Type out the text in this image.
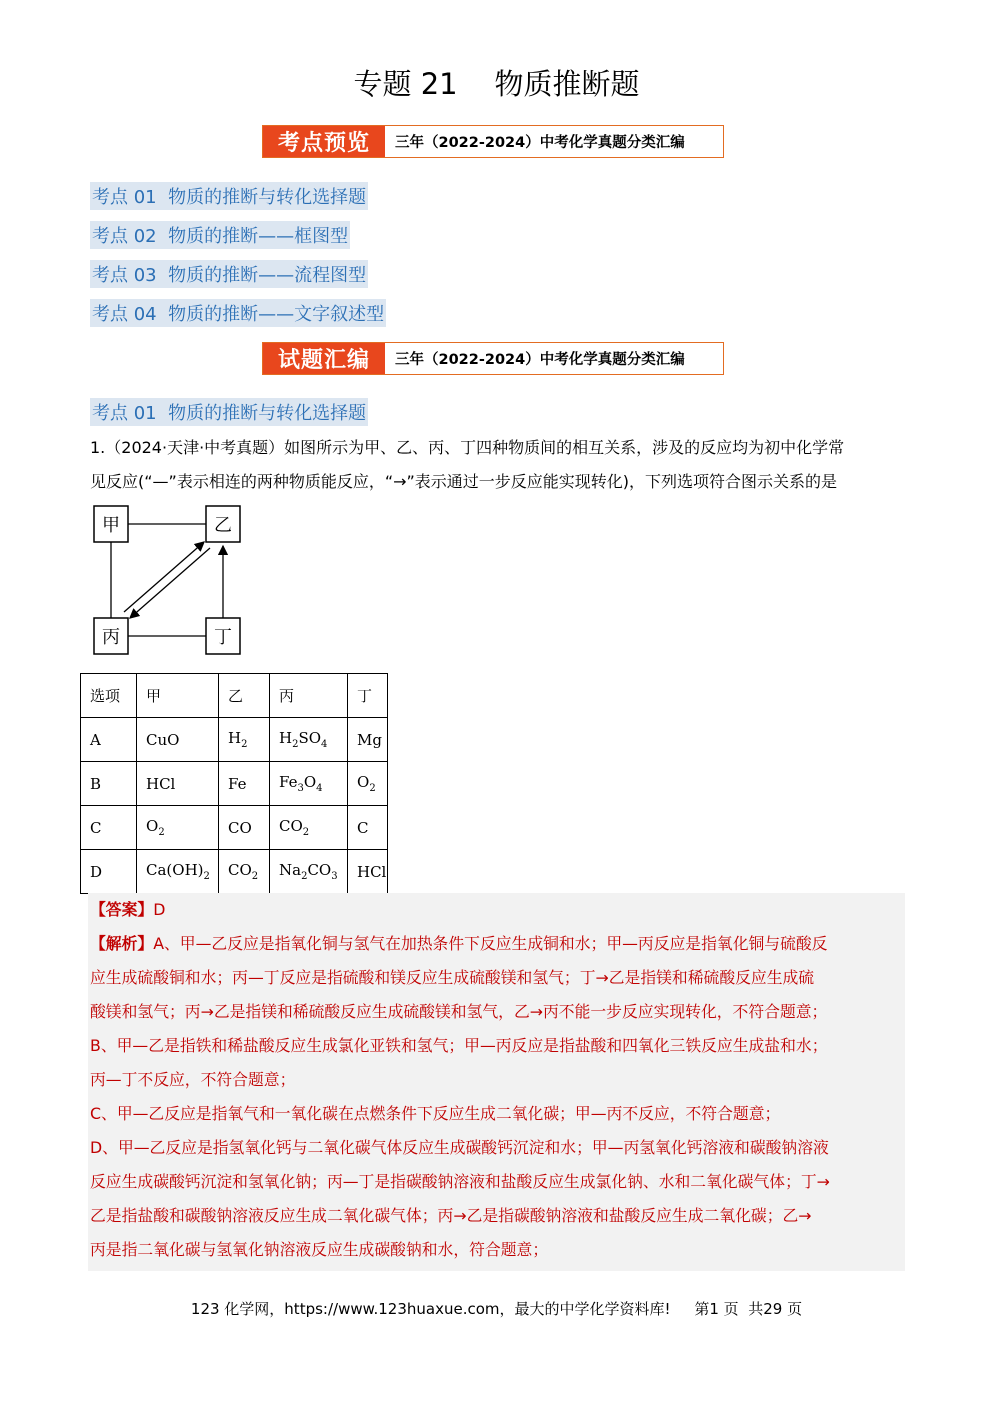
专题 21    物质推断题
考点预览	三年（2022-2024）中考化学真题分类汇编
考点 01  物质的推断与转化选择题
考点 02  物质的推断——框图型
考点 03  物质的推断——流程图型
考点 04  物质的推断——文字叙述型
试题汇编	三年（2022-2024）中考化学真题分类汇编
考点 01  物质的推断与转化选择题
1.（2024·天津·中考真题）如图所示为甲、乙、丙、丁四种物质间的相互关系，涉及的反应均为初中化学常
见反应(“—”表示相连的两种物质能反应，“→”表示通过一步反应能实现转化)，下列选项符合图示关系的是
甲	乙
丙	丁
选项	甲	乙	丙	丁
A	CuO	$H_2$	$H_2SO_4$	Mg
B	HCl	Fe	$Fe_3O_4$	$O_2$
C	$O_2$	CO	$CO_2$	C
D	$Ca(OH)_2$	$CO_2$	$Na_2CO_3$	HCl
【答案】D
【解析】A、甲—乙反应是指氧化铜与氢气在加热条件下反应生成铜和水；甲—丙反应是指氧化铜与硫酸反
应生成硫酸铜和水；丙—丁反应是指硫酸和镁反应生成硫酸镁和氢气；丁→乙是指镁和稀硫酸反应生成硫
酸镁和氢气；丙→乙是指镁和稀硫酸反应生成硫酸镁和氢气，乙→丙不能一步反应实现转化，不符合题意；
B、甲—乙是指铁和稀盐酸反应生成氯化亚铁和氢气；甲—丙反应是指盐酸和四氧化三铁反应生成盐和水；
丙—丁不反应，不符合题意；
C、甲—乙反应是指氧气和一氧化碳在点燃条件下反应生成二氧化碳；甲—丙不反应，不符合题意；
D、甲—乙反应是指氢氧化钙与二氧化碳气体反应生成碳酸钙沉淀和水；甲—丙氢氧化钙溶液和碳酸钠溶液
反应生成碳酸钙沉淀和氢氧化钠；丙—丁是指碳酸钠溶液和盐酸反应生成氯化钠、水和二氧化碳气体；丁→
乙是指盐酸和碳酸钠溶液反应生成二氧化碳气体；丙→乙是指碳酸钠溶液和盐酸反应生成二氧化碳；乙→
丙是指二氧化碳与氢氧化钠溶液反应生成碳酸钠和水，符合题意；
123 化学网，https://www.123huaxue.com，最大的中学化学资料库!     第1 页  共29 页
